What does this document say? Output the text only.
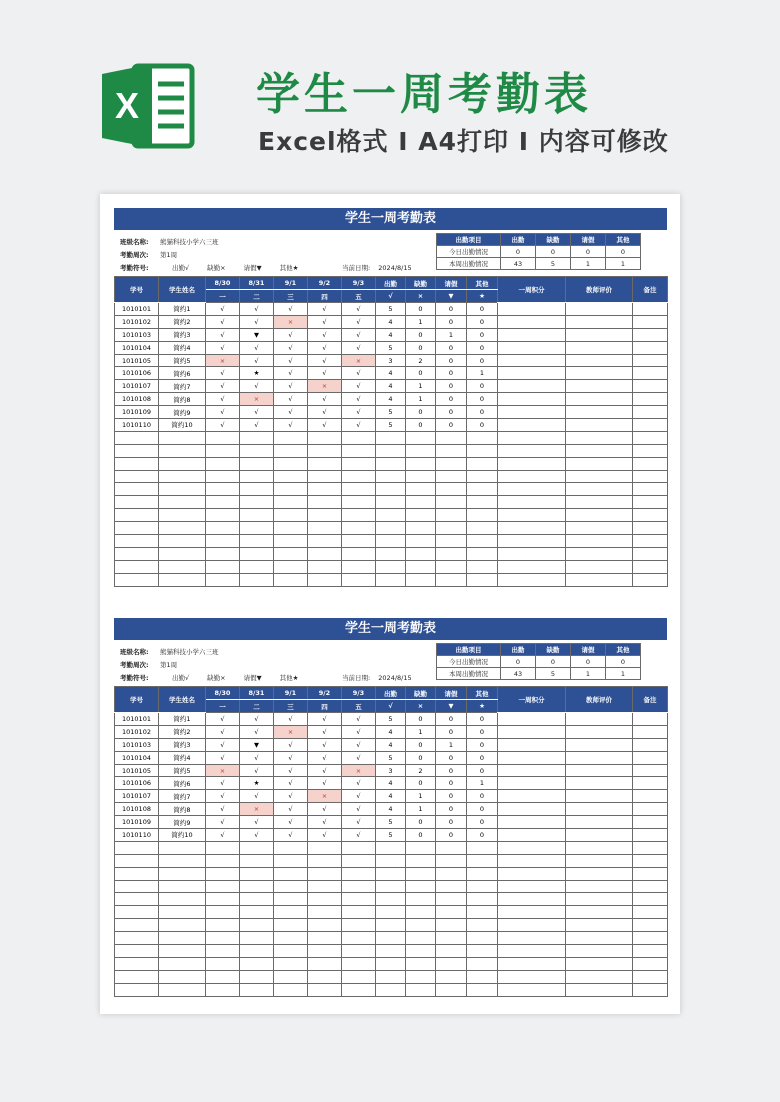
X	学生一周考勤表
Excel格式 I A4打印 I 内容可修改
学生一周考勤表
班级名称: 熊猫科技小学六三班
考勤周次: 第1周
考勤符号:	出勤√	缺勤×	请假▼	其他★	当前日期: 2024/8/15
出勤项目	出勤	缺勤	请假	其他
今日出勤情况	0	0	0	0
本周出勤情况	43	5	1	1
学号	学生姓名	8/30	8/31	9/1	9/2	9/3	出勤	缺勤	请假	其他	一周积分	教师评价	备注
		一	二	三	四	五	√	×	▼	★			
1010101	简约1	√	√	√	√	√	5	0	0	0			
1010102	简约2	√	√	×	√	√	4	1	0	0			
1010103	简约3	√	▼	√	√	√	4	0	1	0			
1010104	简约4	√	√	√	√	√	5	0	0	0			
1010105	简约5	×	√	√	√	×	3	2	0	0			
1010106	简约6	√	★	√	√	√	4	0	0	1			
1010107	简约7	√	√	√	×	√	4	1	0	0			
1010108	简约8	√	×	√	√	√	4	1	0	0			
1010109	简约9	√	√	√	√	√	5	0	0	0			
1010110	简约10	√	√	√	√	√	5	0	0	0			

学生一周考勤表
班级名称: 熊猫科技小学六三班
考勤周次: 第1周
考勤符号:	出勤√	缺勤×	请假▼	其他★	当前日期: 2024/8/15
出勤项目	出勤	缺勤	请假	其他
今日出勤情况	0	0	0	0
本周出勤情况	43	5	1	1
学号	学生姓名	8/30	8/31	9/1	9/2	9/3	出勤	缺勤	请假	其他	一周积分	教师评价	备注
		一	二	三	四	五	√	×	▼	★			
1010101	简约1	√	√	√	√	√	5	0	0	0			
1010102	简约2	√	√	×	√	√	4	1	0	0			
1010103	简约3	√	▼	√	√	√	4	0	1	0			
1010104	简约4	√	√	√	√	√	5	0	0	0			
1010105	简约5	×	√	√	√	×	3	2	0	0			
1010106	简约6	√	★	√	√	√	4	0	0	1			
1010107	简约7	√	√	√	×	√	4	1	0	0			
1010108	简约8	√	×	√	√	√	4	1	0	0			
1010109	简约9	√	√	√	√	√	5	0	0	0			
1010110	简约10	√	√	√	√	√	5	0	0	0			
